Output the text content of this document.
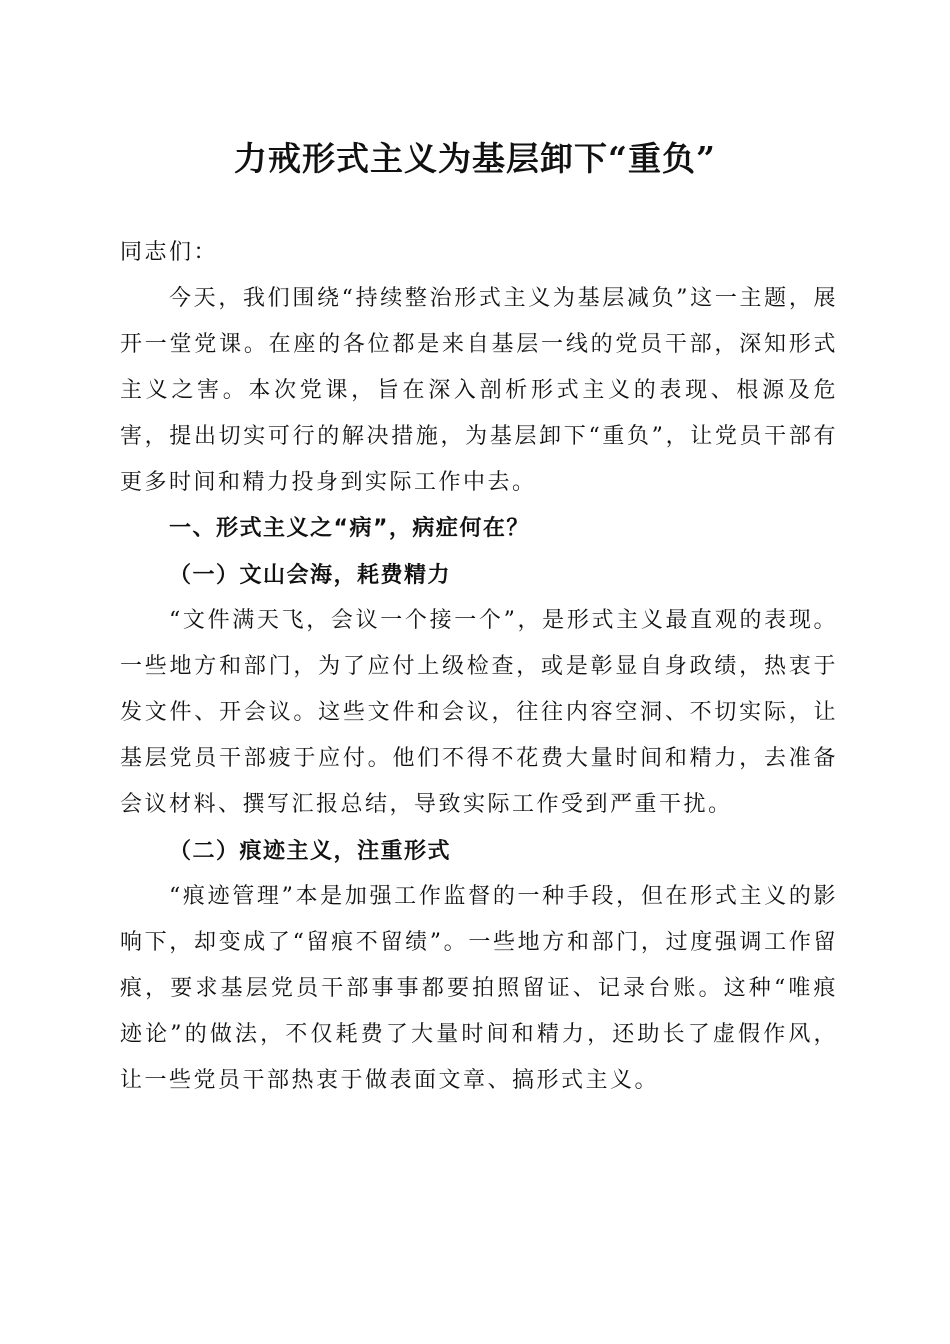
力戒形式主义为基层卸下“重负”

同志们：

今天，我们围绕“持续整治形式主义为基层减负”这一主题，展开一堂党课。在座的各位都是来自基层一线的党员干部，深知形式主义之害。本次党课，旨在深入剖析形式主义的表现、根源及危害，提出切实可行的解决措施，为基层卸下“重负”，让党员干部有更多时间和精力投身到实际工作中去。

一、形式主义之“病”，病症何在？

（一）文山会海，耗费精力

“文件满天飞，会议一个接一个”，是形式主义最直观的表现。一些地方和部门，为了应付上级检查，或是彰显自身政绩，热衷于发文件、开会议。这些文件和会议，往往内容空洞、不切实际，让基层党员干部疲于应付。他们不得不花费大量时间和精力，去准备会议材料、撰写汇报总结，导致实际工作受到严重干扰。

（二）痕迹主义，注重形式

“痕迹管理”本是加强工作监督的一种手段，但在形式主义的影响下，却变成了“留痕不留绩”。一些地方和部门，过度强调工作留痕，要求基层党员干部事事都要拍照留证、记录台账。这种“唯痕迹论”的做法，不仅耗费了大量时间和精力，还助长了虚假作风，让一些党员干部热衷于做表面文章、搞形式主义。
